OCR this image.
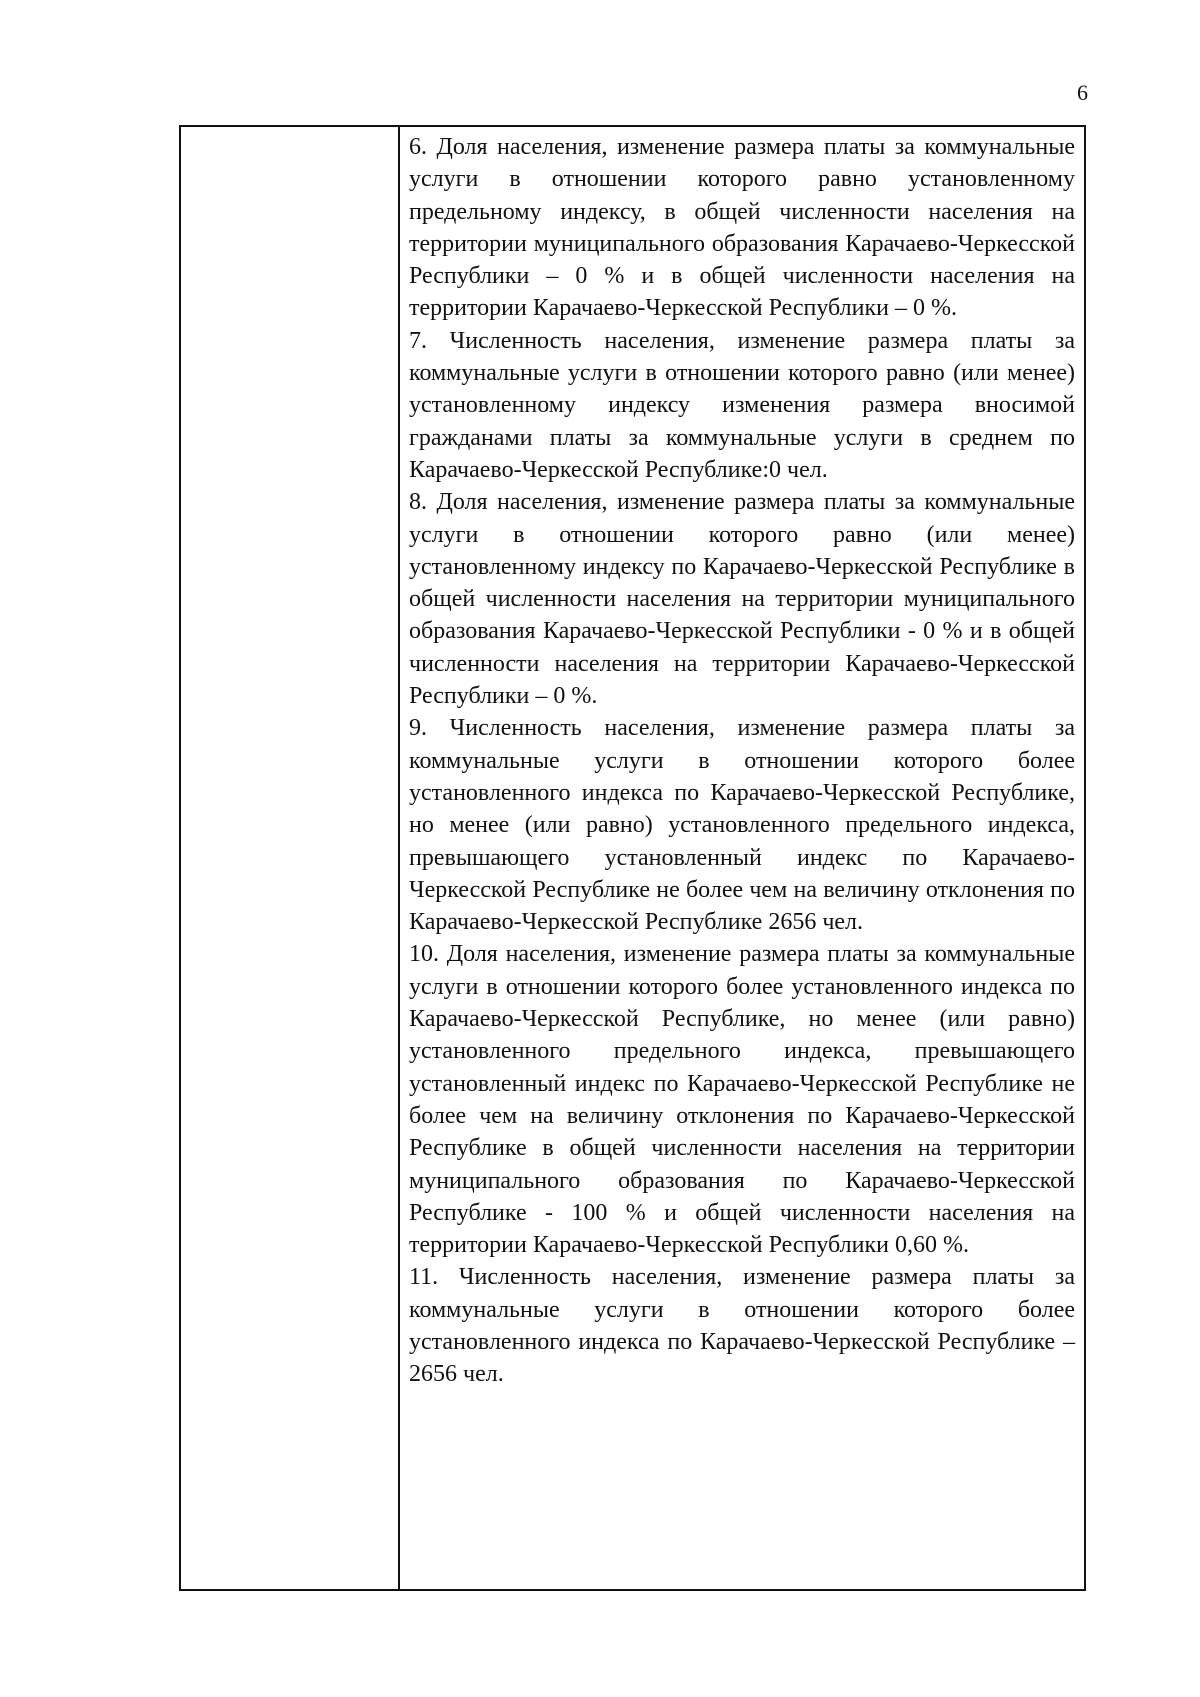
6

6. Доля населения, изменение размера платы за коммунальные услуги в отношении которого равно установленному предельному индексу, в общей численности населения на территории муниципального образования Карачаево-Черкесской Республики – 0 % и в общей численности населения на территории Карачаево-Черкесской Республики – 0 %.

7. Численность населения, изменение размера платы за коммунальные услуги в отношении которого равно (или менее) установленному индексу изменения размера вносимой гражданами платы за коммунальные услуги в среднем по Карачаево-Черкесской Республике:0 чел.

8. Доля населения, изменение размера платы за коммунальные услуги в отношении которого равно (или менее) установленному индексу по Карачаево-Черкесской Республике в общей численности населения на территории муниципального образования Карачаево-Черкесской Республики - 0 % и в общей численности населения на территории Карачаево-Черкесской Республики – 0 %.

9. Численность населения, изменение размера платы за коммунальные услуги в отношении которого более установленного индекса по Карачаево-Черкесской Республике, но менее (или равно) установленного предельного индекса, превышающего установленный индекс по Карачаево-Черкесской Республике не более чем на величину отклонения по Карачаево-Черкесской Республике 2656 чел.

10. Доля населения, изменение размера платы за коммунальные услуги в отношении которого более установленного индекса по Карачаево-Черкесской Республике, но менее (или равно) установленного предельного индекса, превышающего установленный индекс по Карачаево-Черкесской Республике не более чем на величину отклонения по Карачаево-Черкесской Республике в общей численности населения на территории муниципального образования по Карачаево-Черкесской Республике - 100 % и общей численности населения на территории Карачаево-Черкесской Республики 0,60 %.

11. Численность населения, изменение размера платы за коммунальные услуги в отношении которого более установленного индекса по Карачаево-Черкесской Республике – 2656 чел.
